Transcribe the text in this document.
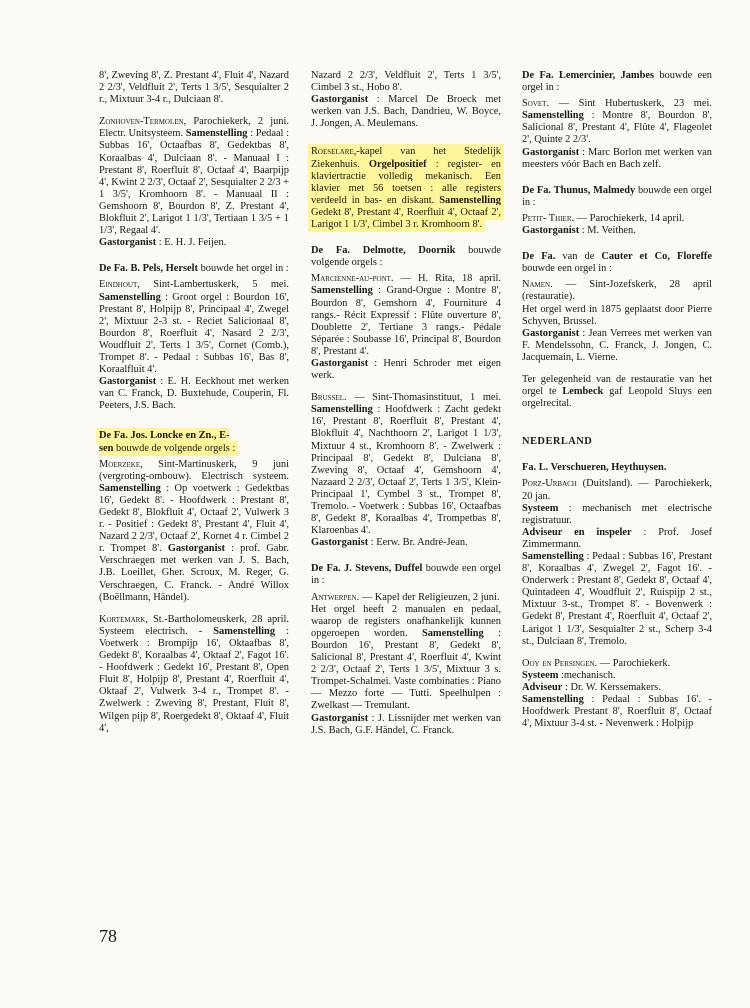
8', Zweving 8', Z. Prestant 4', Fluit 4', Nazard 2 2/3', Veldfluit 2', Terts 1 3/5', Sesquialter 2 r., Mixtuur 3-4 r., Dulciaan 8'.

Zonhoven-Termolen, Parochiekerk, 2 juni. Electr. Unitsysteem. Samenstelling : Pedaal : Subbas 16', Octaafbas 8', Gedektbas 8', Koraalbas 4', Dulciaan 8'. - Manuaal I : Prestant 8', Roerfluit 8', Octaaf 4', Baarpijp 4', Kwint 2 2/3', Octaaf 2', Sesquialter 2 2/3 + 1 3/5', Kromhoorn 8'. - Manuaal II : Gemshoorn 8', Bourdon 8', Z. Prestant 4', Blokfluit 2', Larigot 1 1/3', Tertiaan 1 3/5 + 1 1/3', Regaal 4'.
Gastorganist : E. H. J. Feijen.

De Fa. B. Pels, Herselt bouwde het orgel in :

Eindhout, Sint-Lambertuskerk, 5 mei. Samenstelling : Groot orgel : Bourdon 16', Prestant 8', Holpijp 8', Principaal 4', Zwegel 2', Mixtuur 2-3 st. - Reciet Salicionaal 8', Bourdon 8', Roerfluit 4', Nasard 2 2/3', Woudfluit 2', Terts 1 3/5', Cornet (Comb.), Trompet 8'. - Pedaal : Subbas 16', Bas 8', Koraalfluit 4'.
Gastorganist : E. H. Eeckhout met werken van C. Franck, D. Buxtehude, Couperin, Fl. Peeters, J.S. Bach.

De Fa. Jos. Loncke en Zn., E-
sen bouwde de volgende orgels :

Moerzeke, Sint-Martinuskerk, 9 juni (vergroting-ombouw). Electrisch systeem. Samenstelling : Op voetwerk : Gedektbas 16', Gedekt 8'. - Hoofdwerk : Prestant 8', Gedekt 8', Blokfluit 4', Octaaf 2', Vulwerk 3 r. - Positief : Gedekt 8', Prestant 4', Fluit 4', Nazard 2 2/3', Octaaf 2', Kornet 4 r. Cimbel 2 r. Trompet 8'. Gastorganist : prof. Gabr. Verschraegen met werken van J. S. Bach, J.B. Loeillet, Gher. Scroux, M. Reger, G. Verschraegen, C. Franck. - André Willox (Boëllmann, Händel).

Kortemark, St.-Bartholomeuskerk, 28 april. Systeem electrisch. - Samenstelling : Voetwerk : Brompijp 16', Oktaafbas 8', Gedekt 8', Koraalbas 4', Oktaaf 2', Fagot 16'. - Hoofdwerk : Gedekt 16', Prestant 8', Open Fluit 8', Holpijp 8', Prestant 4', Roerfluit 4', Oktaaf 2', Vulwerk 3-4 r., Trompet 8'. - Zwelwerk : Zweving 8', Prestant, Fluit 8', Wilgen pijp 8', Roergedekt 8', Oktaaf 4', Fluit 4',

Nazard 2 2/3', Veldfluit 2', Terts 1 3/5', Cimbel 3 st., Hobo 8'.
Gastorganist : Marcel De Broeck met werken van J.S. Bach, Dandrieu, W. Boyce, J. Jongen, A. Meulemans.

Roeselare,-kapel van het Stedelijk Ziekenhuis. Orgelpositief : register- en klaviertractie volledig mekanisch. Een klavier met 56 toetsen : alle registers verdeeld in bas- en diskant. Samenstelling Gedekt 8', Prestant 4', Roerfluit 4', Octaaf 2', Larigot 1 1/3', Cimbel 3 r. Kromhoorn 8'.

De Fa. Delmotte, Doornik bouwde volgende orgels :

Marcienne-au-pont. — H. Rita, 18 april. Samenstelling : Grand-Orgue : Montre 8', Bourdon 8', Gemshorn 4', Fourniture 4 rangs.- Récit Expressif : Flûte ouverture 8', Doublette 2', Tertiane 3 rangs.- Pédale Séparée : Soubasse 16', Principal 8', Bourdon 8', Prestant 4'.
Gastorganist : Henri Schroder met eigen werk.

Brussel. — Sint-Thomasinstituut, 1 mei. Samenstelling : Hoofdwerk : Zacht gedekt 16', Prestant 8', Roerfluit 8', Prestant 4', Blokfluit 4', Nachthoorn 2', Larigot 1 1/3', Mixtuur 4 st., Kromhoorn 8'. - Zwelwerk : Principaal 8', Gedekt 8', Dulciana 8', Zweving 8', Octaaf 4', Gemshoorn 4', Nazaard 2 2/3', Octaaf 2', Terts 1 3/5', Klein-Principaal 1', Cymbel 3 st., Trompet 8', Tremolo. - Voetwerk : Subbas 16', Octaafbas 8', Gedekt 8', Koraalbas 4', Trompetbas 8', Klaroenbas 4'.
Gastorganist : Eerw. Br. André-Jean.

De Fa. J. Stevens, Duffel bouwde een orgel in :

Antwerpen. — Kapel der Religieuzen, 2 juni.
Het orgel heeft 2 manualen en pedaal, waarop de registers onafhankelijk kunnen opgeroepen worden. Samenstelling : Bourdon 16', Prestant 8', Gedekt 8', Salicional 8', Prestant 4', Roerfluit 4', Kwint 2 2/3', Octaaf 2', Terts 1 3/5', Mixtuur 3 s. Trompet-Schalmei. Vaste combinaties : Piano — Mezzo forte — Tutti. Speelhulpen : Zwelkast — Tremulant.
Gastorganist : J. Lissnijder met werken van J.S. Bach, G.F. Händel, C. Franck.

De Fa. Lemercinier, Jambes bouwde een orgel in :

Sovet. — Sint Hubertuskerk, 23 mei. Samenstelling : Montre 8', Bourdon 8', Salicional 8', Prestant 4', Flûte 4', Flageolet 2', Quinte 2 2/3'.
Gastorganist : Marc Borlon met werken van meesters vóór Bach en Bach zelf.

De Fa. Thunus, Malmedy bouwde een orgel in :

Petit- Thier. — Parochiekerk, 14 april.
Gastorganist : M. Veithen.

De Fa. van de Cauter et Co, Floreffe bouwde een orgel in :

Namen. — Sint-Jozefskerk, 28 april (restauratie).
Het orgel werd in 1875 geplaatst door Pierre Schyven, Brussel.
Gastorganist : Jean Verrees met werken van F. Mendelssohn, C. Franck, J. Jongen, C. Jacquemain, L. Vierne.

Ter gelegenheid van de restauratie van het orgel te Lembeck gaf Leopold Sluys een orgelrecital.

NEDERLAND

Fa. L. Verschueren, Heythuysen.

Porz-Urbach (Duitsland). — Parochiekerk, 20 jan.
Systeem : mechanisch met electrische registratuur.
Adviseur en inspeler : Prof. Josef Zimmermann.
Samenstelling : Pedaal : Subbas 16', Prestant 8', Koraalbas 4', Zwegel 2', Fagot 16'. - Onderwerk : Prestant 8', Gedekt 8', Octaaf 4', Quintadeen 4', Woudfluit 2', Ruispijp 2 st., Mixtuur 3-st., Trompet 8'. - Bovenwerk : Gedekt 8', Prestant 4', Roerfluit 4', Octaaf 2', Larigot 1 1/3', Sesquialter 2 st., Scherp 3-4 st., Dulciaan 8', Tremolo.

Ooy en Persingen. — Parochiekerk.
Systeem :mechanisch.
Adviseur : Dr. W. Kerssemakers.
Samenstelling : Pedaal : Subbas 16'. - Hoofdwerk Prestant 8', Roerfluit 8', Octaaf 4', Mixtuur 3-4 st. - Nevenwerk : Holpijp

78
